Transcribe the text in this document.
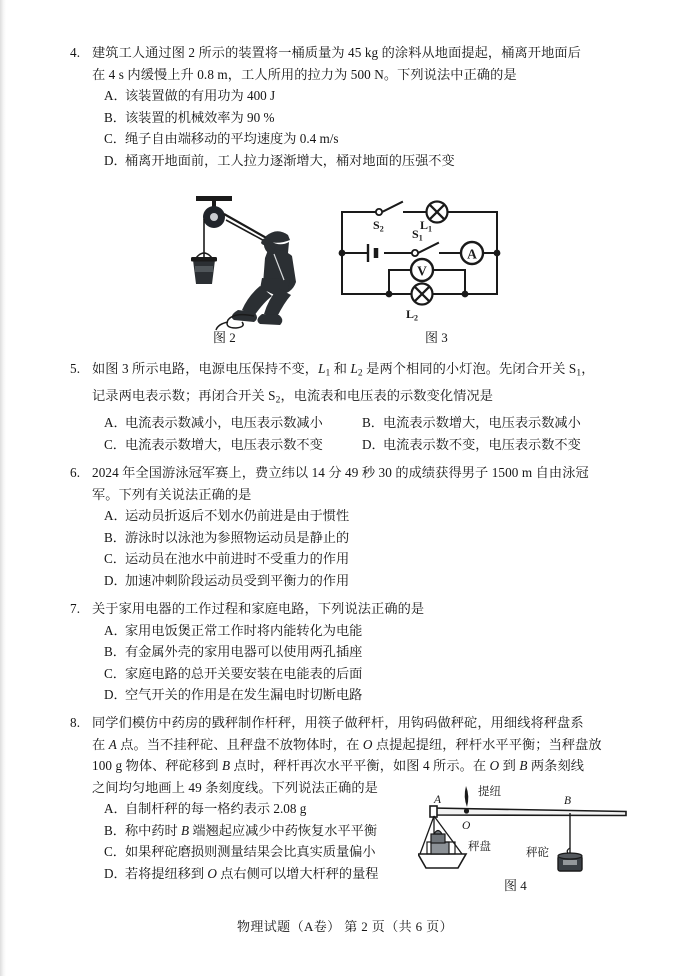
4. 建筑工人通过图 2 所示的装置将一桶质量为 45 kg 的涂料从地面提起，桶离开地面后
在 4 s 内缓慢上升 0.8 m，工人所用的拉力为 500 N。下列说法中正确的是
A．
该装置做的有用功为 400 J
B． 该装置的机械效率为 90 %
C． 绳子自由端移动的平均速度为 0.4 m/s
D．
桶离开地面前，工人拉力逐渐增大，桶对地面的压强不变
图 2
A
V
$S_2$	$L_1$
$S_1$
$L_2$
图 3
5. 如图 3 所示电路，电源电压保持不变，$L_1$ 和 $L_2$ 是两个相同的小灯泡。先闭合开关 $S_1$，
记录两电表示数；再闭合开关 $S_2$，电流表和电压表的示数变化情况是
A．
电流表示数减小，电压表示数减小	B． 电流表示数增大，电压表示数减小
C． 电流表示数增大，电压表示数不变	D．
电流表示数不变，电压表示数不变
6. 2024 年全国游泳冠军赛上，费立纬以 14 分 49 秒 30 的成绩获得男子 1500 m 自由泳冠
军。下列有关说法正确的是
A．
运动员折返后不划水仍前进是由于惯性
B． 游泳时以泳池为参照物运动员是静止的
C． 运动员在池水中前进时不受重力的作用
D．
加速冲刺阶段运动员受到平衡力的作用
7. 关于家用电器的工作过程和家庭电路，下列说法正确的是
A．
家用电饭煲正常工作时将内能转化为电能
B． 有金属外壳的家用电器可以使用两孔插座
C． 家庭电路的总开关要安装在电能表的后面
D．
空气开关的作用是在发生漏电时切断电路
8. 同学们模仿中药房的戥秤制作杆秤，用筷子做秤杆，用钩码做秤砣，用细线将秤盘系
在 A 点。当不挂秤砣、且秤盘不放物体时，在 O 点提起提纽，秤杆水平平衡；当秤盘放
100 g 物体、秤砣移到 B 点时，秤杆再次水平平衡，如图 4 所示。在 O 到 B 两条刻线
之间均匀地画上 49 条刻度线。下列说法正确的是
A．
自制杆秤的每一格约表示 2.08 g
B． 称中药时 B 端翘起应减少中药恢复水平平衡
C． 如果秤砣磨损则测量结果会比真实质量偏小
D．
若将提纽移到 O 点右侧可以增大杆秤的量程
A
O
B
提纽
秤盘	秤砣
图 4
物理试题（A卷） 第 2 页（共 6 页）
